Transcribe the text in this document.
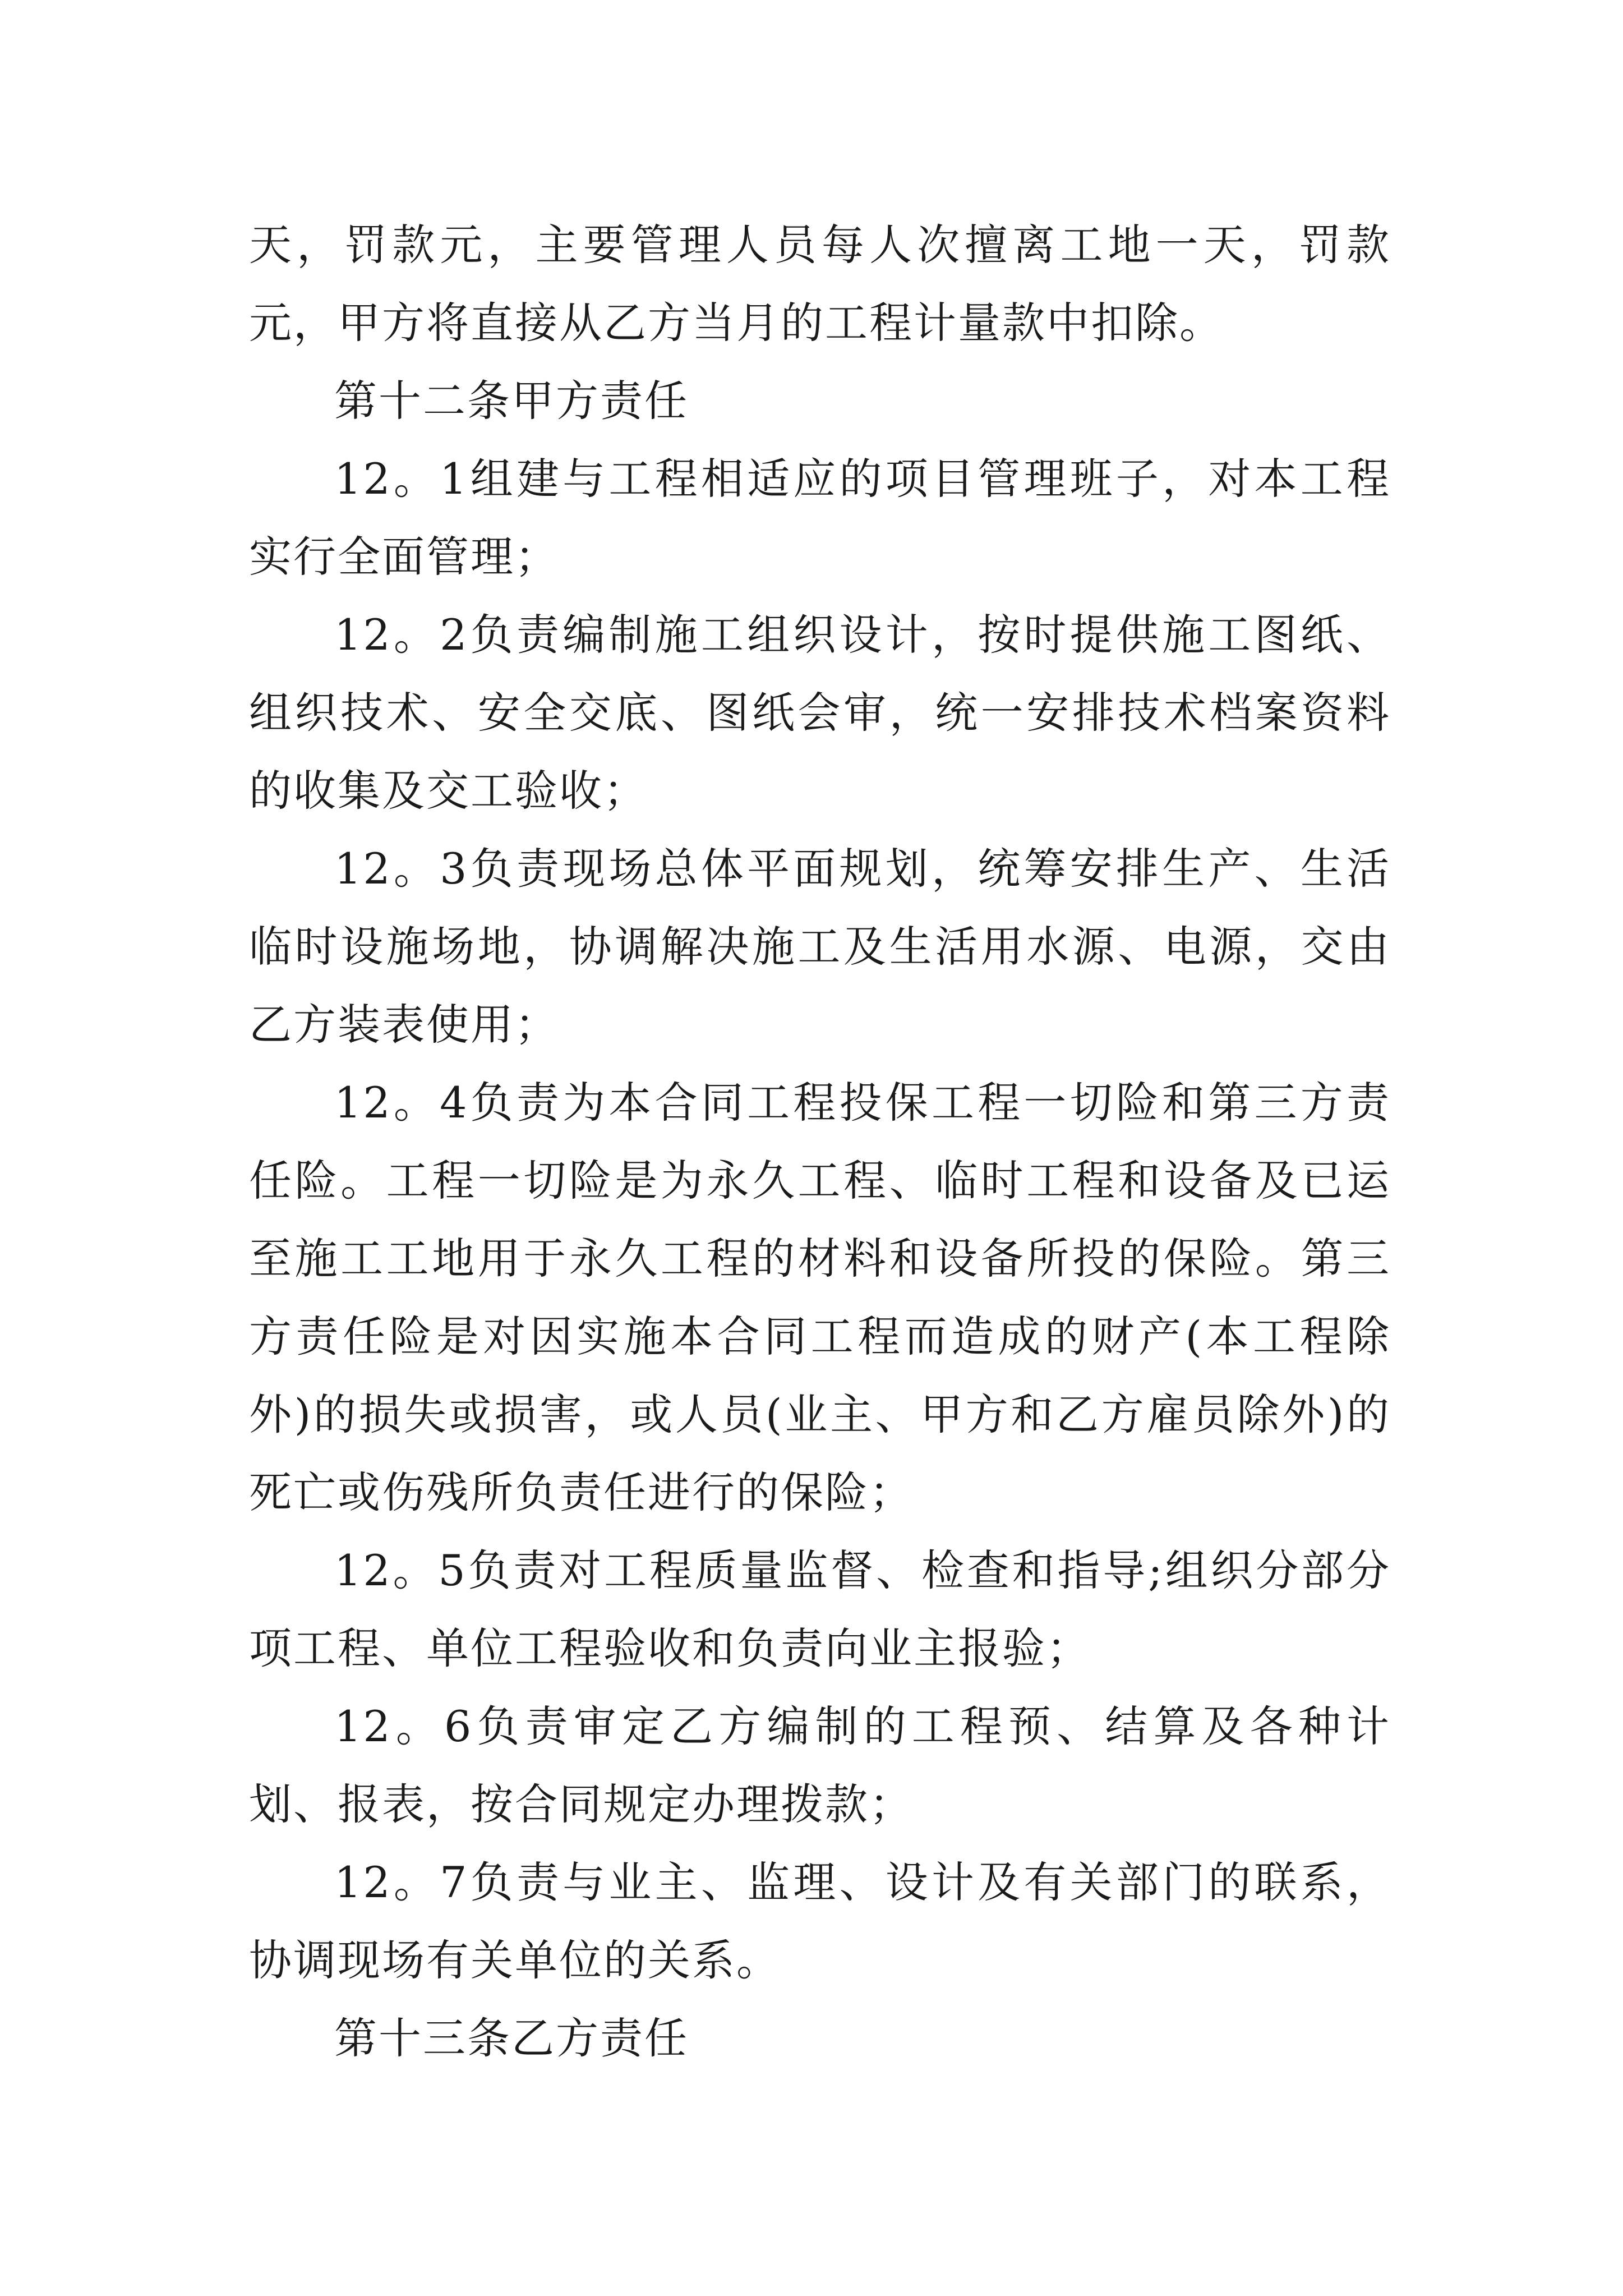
天，罚款元，主要管理人员每人次擅离工地一天，罚款元，甲方将直接从乙方当月的工程计量款中扣除。

第十二条甲方责任

12。1组建与工程相适应的项目管理班子，对本工程实行全面管理；

12。2负责编制施工组织设计，按时提供施工图纸、组织技术、安全交底、图纸会审，统一安排技术档案资料的收集及交工验收；

12。3负责现场总体平面规划，统筹安排生产、生活临时设施场地，协调解决施工及生活用水源、电源，交由乙方装表使用；

12。4负责为本合同工程投保工程一切险和第三方责任险。工程一切险是为永久工程、临时工程和设备及已运至施工工地用于永久工程的材料和设备所投的保险。第三方责任险是对因实施本合同工程而造成的财产(本工程除外)的损失或损害，或人员(业主、甲方和乙方雇员除外)的死亡或伤残所负责任进行的保险；

12。5负责对工程质量监督、检查和指导;组织分部分项工程、单位工程验收和负责向业主报验；

12。6负责审定乙方编制的工程预、结算及各种计划、报表，按合同规定办理拨款；

12。7负责与业主、监理、设计及有关部门的联系，协调现场有关单位的关系。

第十三条乙方责任
